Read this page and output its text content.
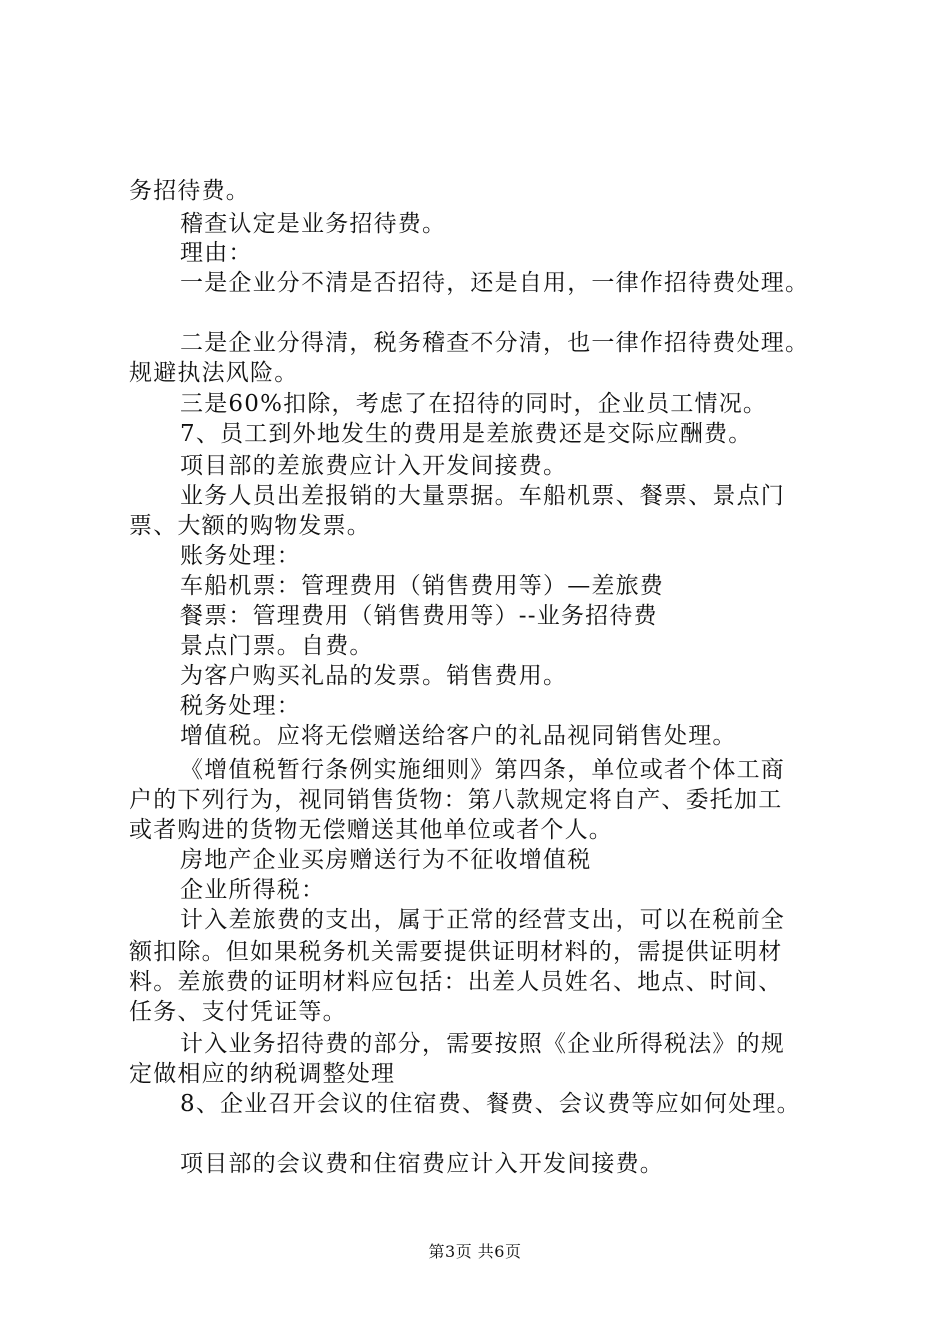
务招待费。
稽查认定是业务招待费。
理由：
一是企业分不清是否招待，还是自用，一律作招待费处理。
二是企业分得清，税务稽查不分清，也一律作招待费处理。
规避执法风险。
三是60%扣除，考虑了在招待的同时，企业员工情况。
7、员工到外地发生的费用是差旅费还是交际应酬费。
项目部的差旅费应计入开发间接费。
业务人员出差报销的大量票据。车船机票、餐票、景点门
票、大额的购物发票。
账务处理：
车船机票：管理费用（销售费用等）—差旅费
餐票：管理费用（销售费用等）--业务招待费
景点门票。自费。
为客户购买礼品的发票。销售费用。
税务处理：
增值税。应将无偿赠送给客户的礼品视同销售处理。
《增值税暂行条例实施细则》第四条，单位或者个体工商
户的下列行为，视同销售货物：第八款规定将自产、委托加工
或者购进的货物无偿赠送其他单位或者个人。
房地产企业买房赠送行为不征收增值税
企业所得税：
计入差旅费的支出，属于正常的经营支出，可以在税前全
额扣除。但如果税务机关需要提供证明材料的，需提供证明材
料。差旅费的证明材料应包括：出差人员姓名、地点、时间、
任务、支付凭证等。
计入业务招待费的部分，需要按照《企业所得税法》的规
定做相应的纳税调整处理
8、企业召开会议的住宿费、餐费、会议费等应如何处理。
项目部的会议费和住宿费应计入开发间接费。
第3页 共6页
